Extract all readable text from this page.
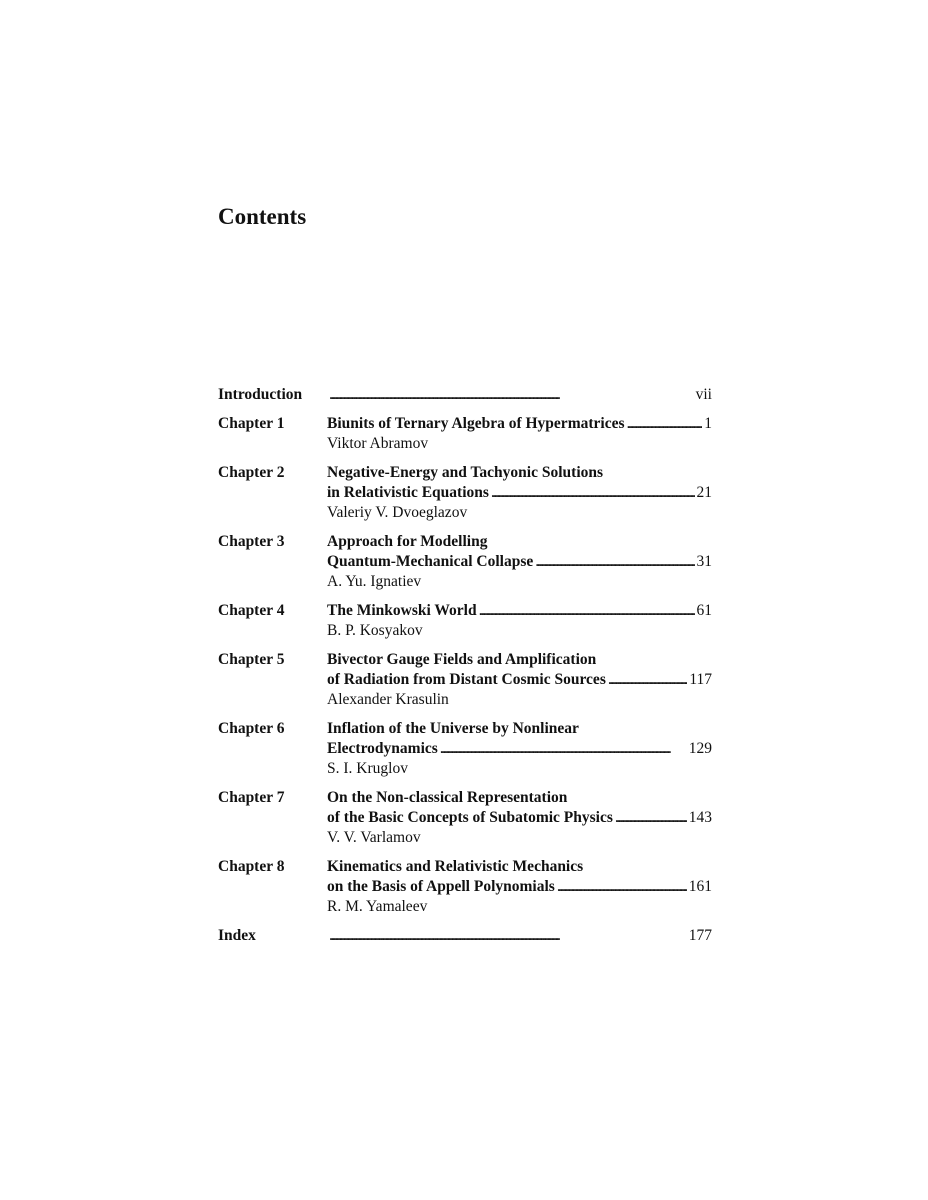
Contents
Introduction . . .	vii
Chapter 1	Biunits of Ternary Algebra of Hypermatrices . . .	1
Viktor Abramov
Chapter 2	Negative-Energy and Tachyonic Solutions
in Relativistic Equations . . .	21
Valeriy V. Dvoeglazov
Chapter 3	Approach for Modelling
Quantum-Mechanical Collapse . . .	31
A. Yu. Ignatiev
Chapter 4	The Minkowski World . . .	61
B. P. Kosyakov
Chapter 5	Bivector Gauge Fields and Amplification
of Radiation from Distant Cosmic Sources . . .	117
Alexander Krasulin
Chapter 6	Inflation of the Universe by Nonlinear
Electrodynamics . . .	129
S. I. Kruglov
Chapter 7	On the Non-classical Representation
of the Basic Concepts of Subatomic Physics . . .	143
V. V. Varlamov
Chapter 8	Kinematics and Relativistic Mechanics
on the Basis of Appell Polynomials . . .	161
R. M. Yamaleev
Index . . .	177
